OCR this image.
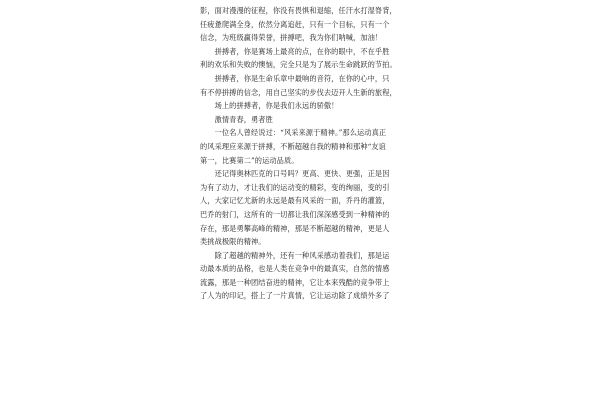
影，面对漫漫的征程，你没有畏惧和退缩，任汗水打湿脊背，
任疲惫爬满全身，依然分离追赶，只有一个目标，只有一个
信念，为班级赢得荣誉，拼搏吧，我为你们呐喊，加油！
　　拼搏者，你是赛场上最亮的点，在你的眼中，不在乎胜
利的欢乐和失败的懊恼，完全只是为了展示生命跳跃的节拍。
　　拼搏者，你是生命乐章中最响的音符，在你的心中，只
有不停拼搏的信念，用自己坚实的步伐去迈开人生新的旅程，
　　场上的拼搏者，你是我们永远的骄傲！
　　激情青春，勇者胜
　　一位名人曾经说过：“风采来源于精神。”那么运动真正
的风采理应来源于拼搏，不断超越自我的精神和那种“友谊
第一，比赛第二”的运动品质。
　　还记得奥林匹克的口号吗？更高、更快、更强，正是因
为有了动力，才让我们的运动变的精彩，变的绚丽，变的引
人，大家记忆尤新的永远是最有风采的一面，乔丹的灌篮，
巴乔的射门，这所有的一切都让我们深深感受到一种精神的
存在，那是勇攀高峰的精神，那是不断超越的精神，更是人
类挑战极限的精神。
　　除了超越的精神外，还有一种风采感动着我们，那是运
动最本质的品格，也是人类在竞争中的最真实，自然的情感
流露，那是一种团结奋进的精神，它让本来残酷的竞争带上
了人为的印记，搭上了一片真情，它让运动除了成绩外多了
